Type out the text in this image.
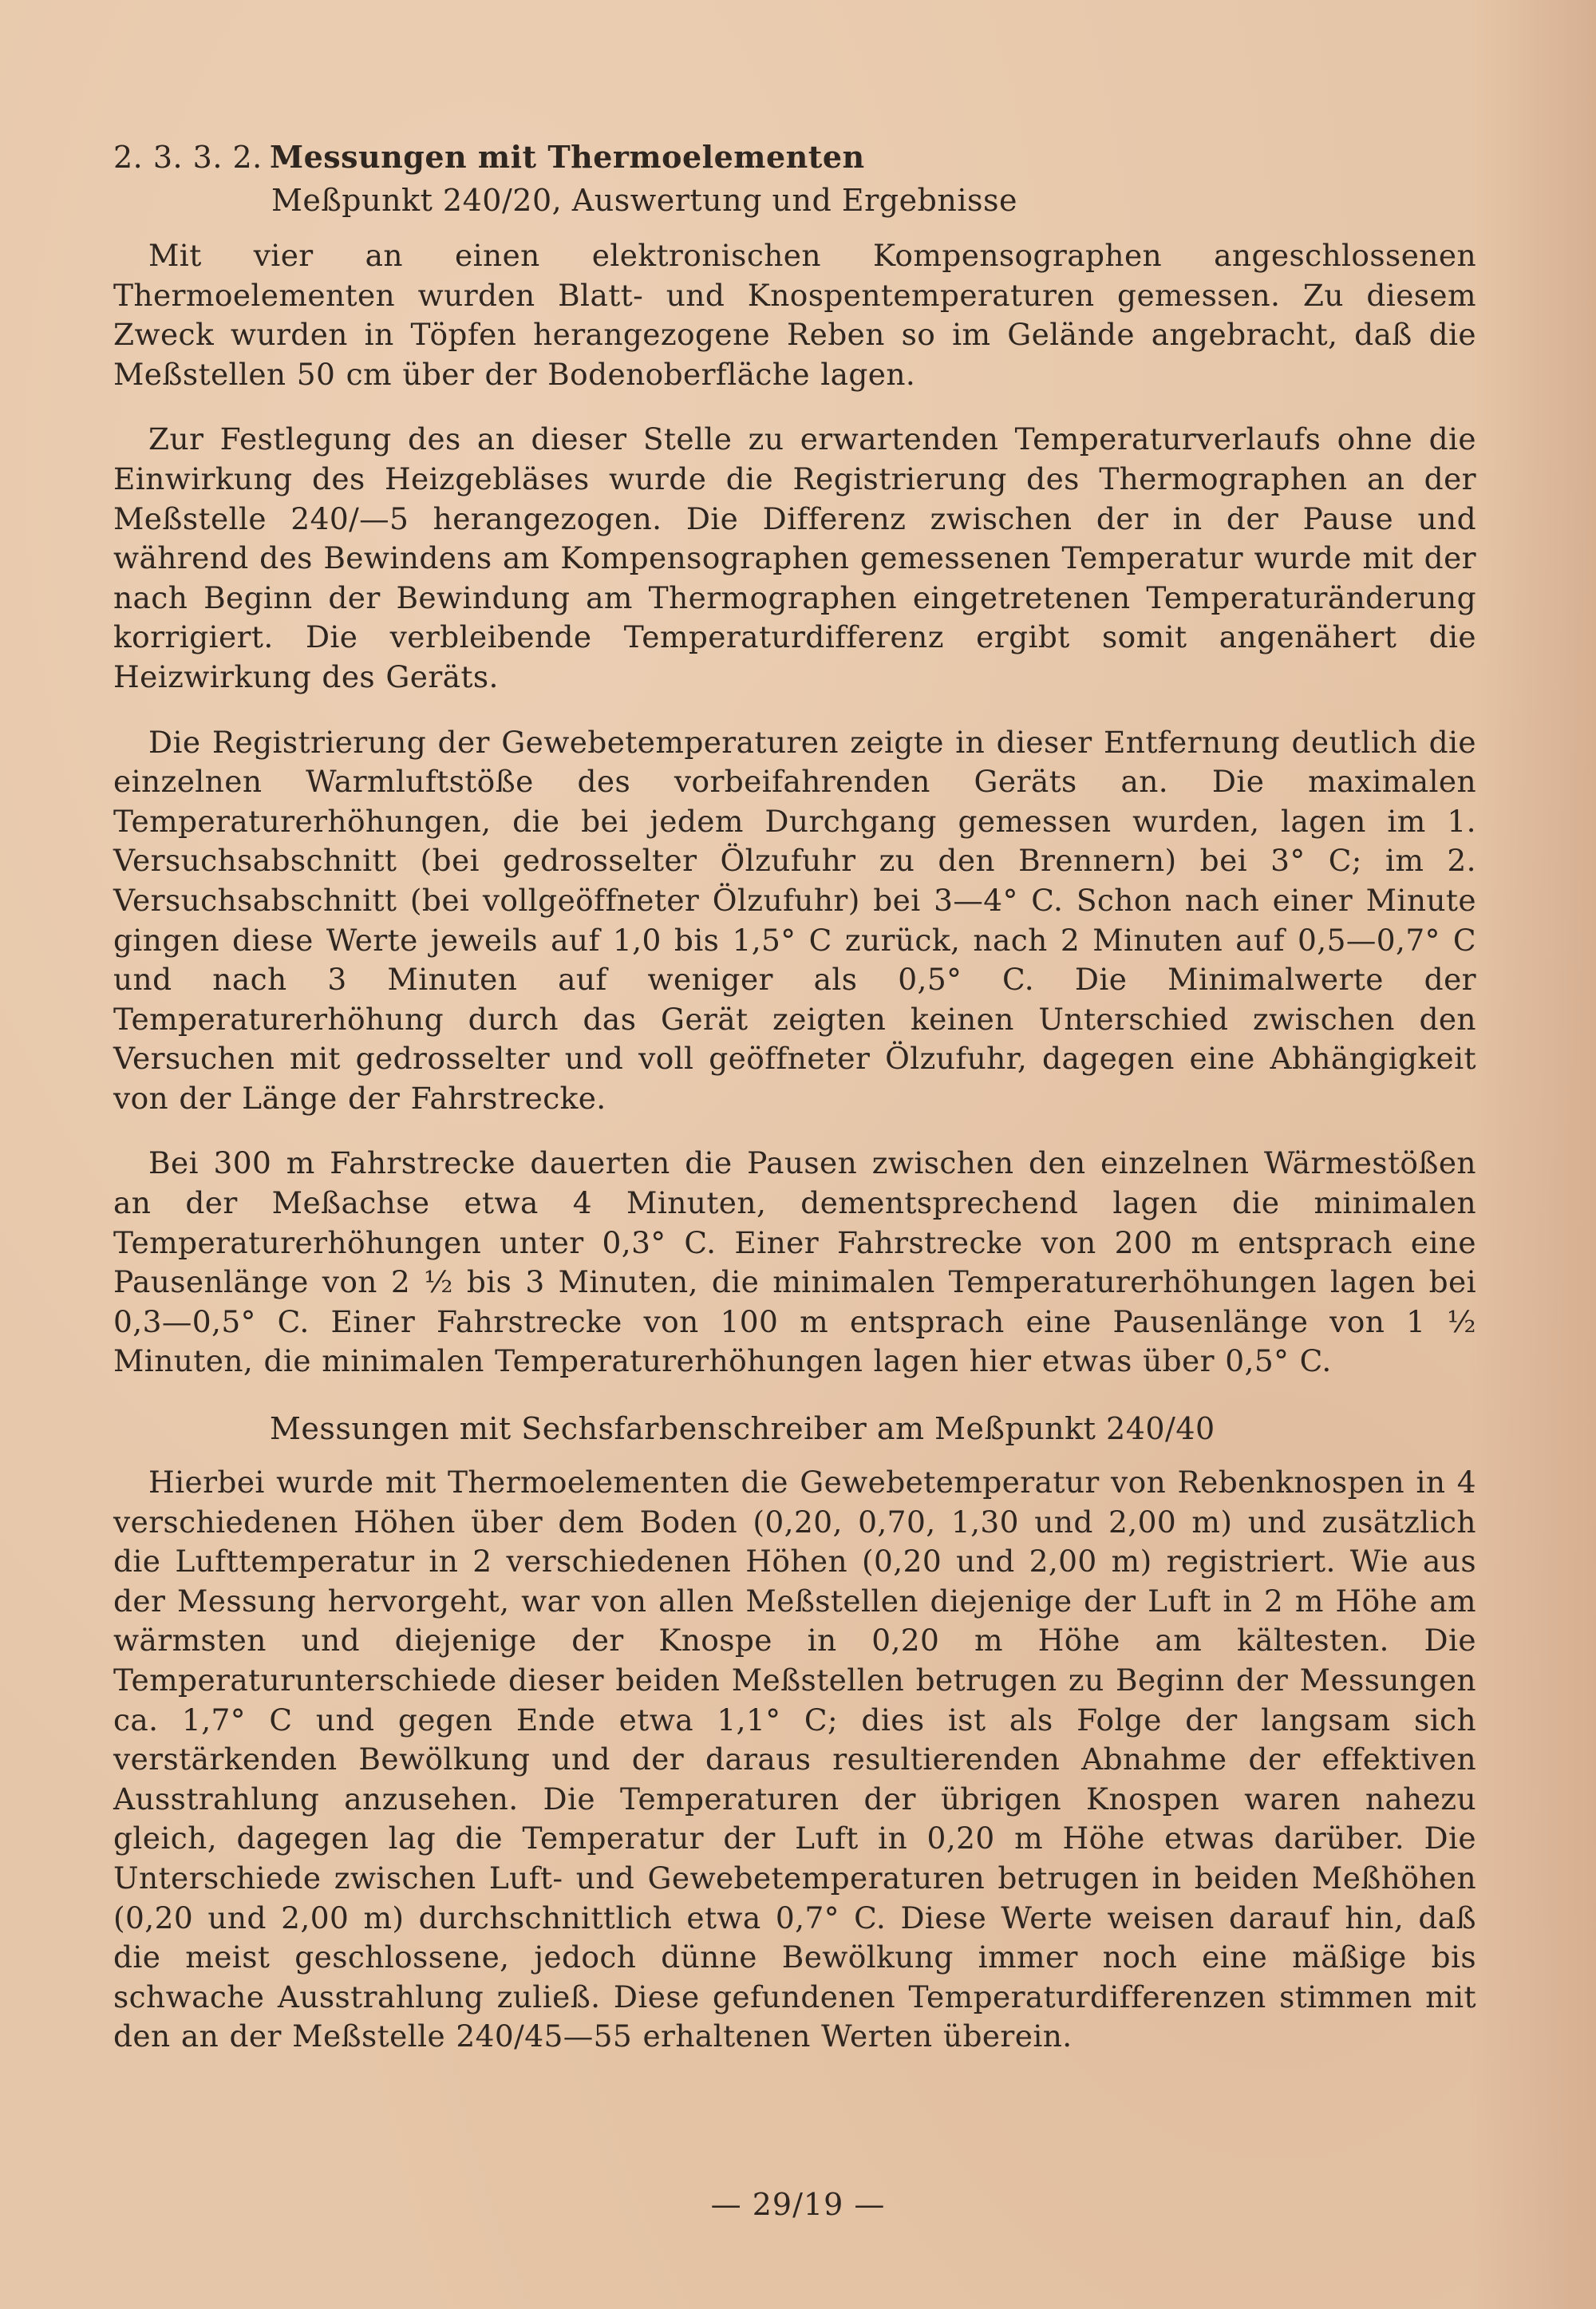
2. 3. 3. 2. Messungen mit Thermoelementen

Meßpunkt 240/20, Auswertung und Ergebnisse

Mit vier an einen elektronischen Kompensographen angeschlossenen Thermoelementen wurden Blatt- und Knospentemperaturen gemessen. Zu diesem Zweck wurden in Töpfen herangezogene Reben so im Gelände angebracht, daß die Meßstellen 50 cm über der Bodenoberfläche lagen.

Zur Festlegung des an dieser Stelle zu erwartenden Temperaturverlaufs ohne die Einwirkung des Heizgebläses wurde die Registrierung des Thermographen an der Meßstelle 240/—5 herangezogen. Die Differenz zwischen der in der Pause und während des Bewindens am Kompensographen gemessenen Temperatur wurde mit der nach Beginn der Bewindung am Thermographen eingetretenen Temperaturänderung korrigiert. Die verbleibende Temperaturdifferenz ergibt somit angenähert die Heizwirkung des Geräts.

Die Registrierung der Gewebetemperaturen zeigte in dieser Entfernung deutlich die einzelnen Warmluftstöße des vorbeifahrenden Geräts an. Die maximalen Temperaturerhöhungen, die bei jedem Durchgang gemessen wurden, lagen im 1. Versuchsabschnitt (bei gedrosselter Ölzufuhr zu den Brennern) bei 3° C; im 2. Versuchsabschnitt (bei vollgeöffneter Ölzufuhr) bei 3—4° C. Schon nach einer Minute gingen diese Werte jeweils auf 1,0 bis 1,5° C zurück, nach 2 Minuten auf 0,5—0,7° C und nach 3 Minuten auf weniger als 0,5° C. Die Minimalwerte der Temperaturerhöhung durch das Gerät zeigten keinen Unterschied zwischen den Versuchen mit gedrosselter und voll geöffneter Ölzufuhr, dagegen eine Abhängigkeit von der Länge der Fahrstrecke.

Bei 300 m Fahrstrecke dauerten die Pausen zwischen den einzelnen Wärmestößen an der Meßachse etwa 4 Minuten, dementsprechend lagen die minimalen Temperaturerhöhungen unter 0,3° C. Einer Fahrstrecke von 200 m entsprach eine Pausenlänge von 2 ½ bis 3 Minuten, die minimalen Temperaturerhöhungen lagen bei 0,3—0,5° C. Einer Fahrstrecke von 100 m entsprach eine Pausenlänge von 1 ½ Minuten, die minimalen Temperaturerhöhungen lagen hier etwas über 0,5° C.

Messungen mit Sechsfarbenschreiber am Meßpunkt 240/40

Hierbei wurde mit Thermoelementen die Gewebetemperatur von Rebenknospen in 4 verschiedenen Höhen über dem Boden (0,20, 0,70, 1,30 und 2,00 m) und zusätzlich die Lufttemperatur in 2 verschiedenen Höhen (0,20 und 2,00 m) registriert. Wie aus der Messung hervorgeht, war von allen Meßstellen diejenige der Luft in 2 m Höhe am wärmsten und diejenige der Knospe in 0,20 m Höhe am kältesten. Die Temperaturunterschiede dieser beiden Meßstellen betrugen zu Beginn der Messungen ca. 1,7° C und gegen Ende etwa 1,1° C; dies ist als Folge der langsam sich verstärkenden Bewölkung und der daraus resultierenden Abnahme der effektiven Ausstrahlung anzusehen. Die Temperaturen der übrigen Knospen waren nahezu gleich, dagegen lag die Temperatur der Luft in 0,20 m Höhe etwas darüber. Die Unterschiede zwischen Luft- und Gewebetemperaturen betrugen in beiden Meßhöhen (0,20 und 2,00 m) durchschnittlich etwa 0,7° C. Diese Werte weisen darauf hin, daß die meist geschlossene, jedoch dünne Bewölkung immer noch eine mäßige bis schwache Ausstrahlung zuließ. Diese gefundenen Temperaturdifferenzen stimmen mit den an der Meßstelle 240/45—55 erhaltenen Werten überein.

— 29/19 —
